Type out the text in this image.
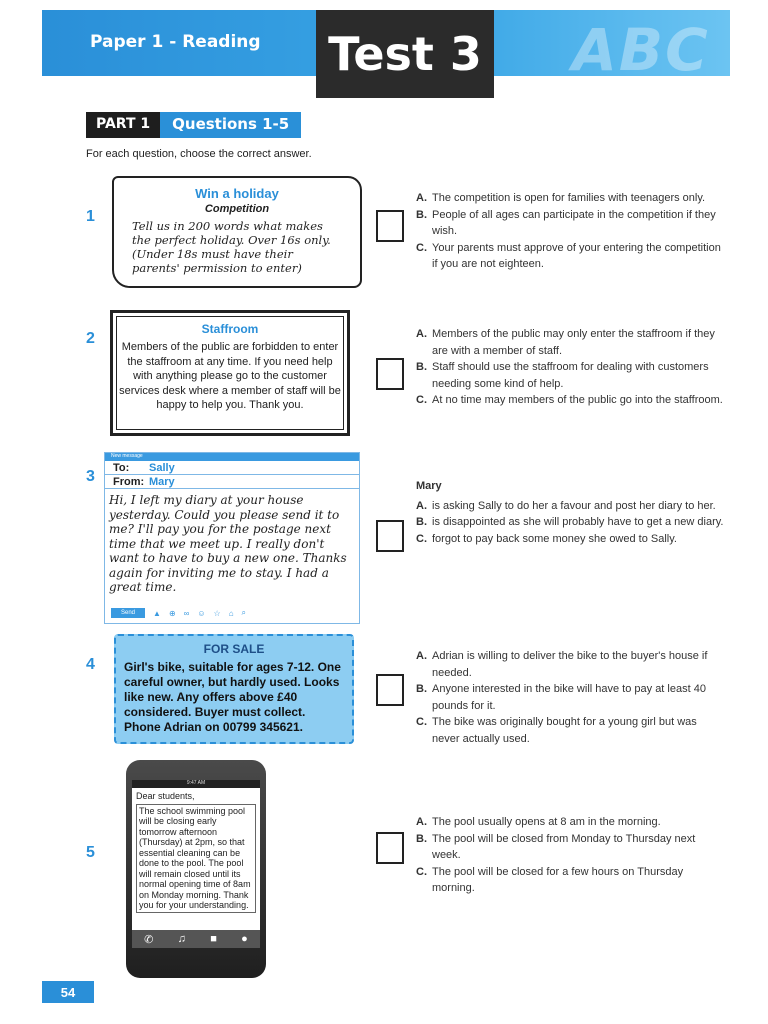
Paper 1 - Reading	ABC
Test 3
PART 1	Questions 1-5
For each question, choose the correct answer.
1
Win a holiday
Competition
Tell us in 200 words what makes the perfect holiday. Over 16s only. (Under 18s must have their parents' permission to enter)
A. The competition is open for families with teenagers only.
B. People of all ages can participate in the competition if they wish.
C. Your parents must approve of your entering the competition if you are not eighteen.
2
Staffroom
Members of the public are forbidden to enter the staffroom at any time. If you need help with anything please go to the customer services desk where a member of staff will be happy to help you. Thank you.
A. Members of the public may only enter the staffroom if they are with a member of staff.
B. Staff should use the staffroom for dealing with customers needing some kind of help.
C. At no time may members of the public go into the staffroom.
3
New message
To:	Sally
From: Mary
Hi, I left my diary at your house yesterday. Could you please send it to me? I'll pay you for the postage next time that we meet up. I really don't want to have to buy a new one. Thanks again for inviting me to stay. I had a great time.
Send	▲ ⊕ ∞ ☺ ☆ ⌂ ⌕
Mary
A. is asking Sally to do her a favour and post her diary to her.
B. is disappointed as she will probably have to get a new diary.
C. forgot to pay back some money she owed to Sally.
4
FOR SALE
Girl's bike, suitable for ages 7-12. One careful owner, but hardly used. Looks like new. Any offers above £40 considered. Buyer must collect. Phone Adrian on 00799 345621.
A. Adrian is willing to deliver the bike to the buyer's house if needed.
B. Anyone interested in the bike will have to pay at least 40 pounds for it.
C. The bike was originally bought for a young girl but was never actually used.
5
9:47 AM
Dear students,
The school swimming pool will be closing early tomorrow afternoon (Thursday) at 2pm, so that essential cleaning can be done to the pool. The pool will remain closed until its normal opening time of 8am on Monday morning. Thank you for your understanding.
✆ ♫ ■ ●
A. The pool usually opens at 8 am in the morning.
B. The pool will be closed from Monday to Thursday next week.
C. The pool will be closed for a few hours on Thursday morning.
54
